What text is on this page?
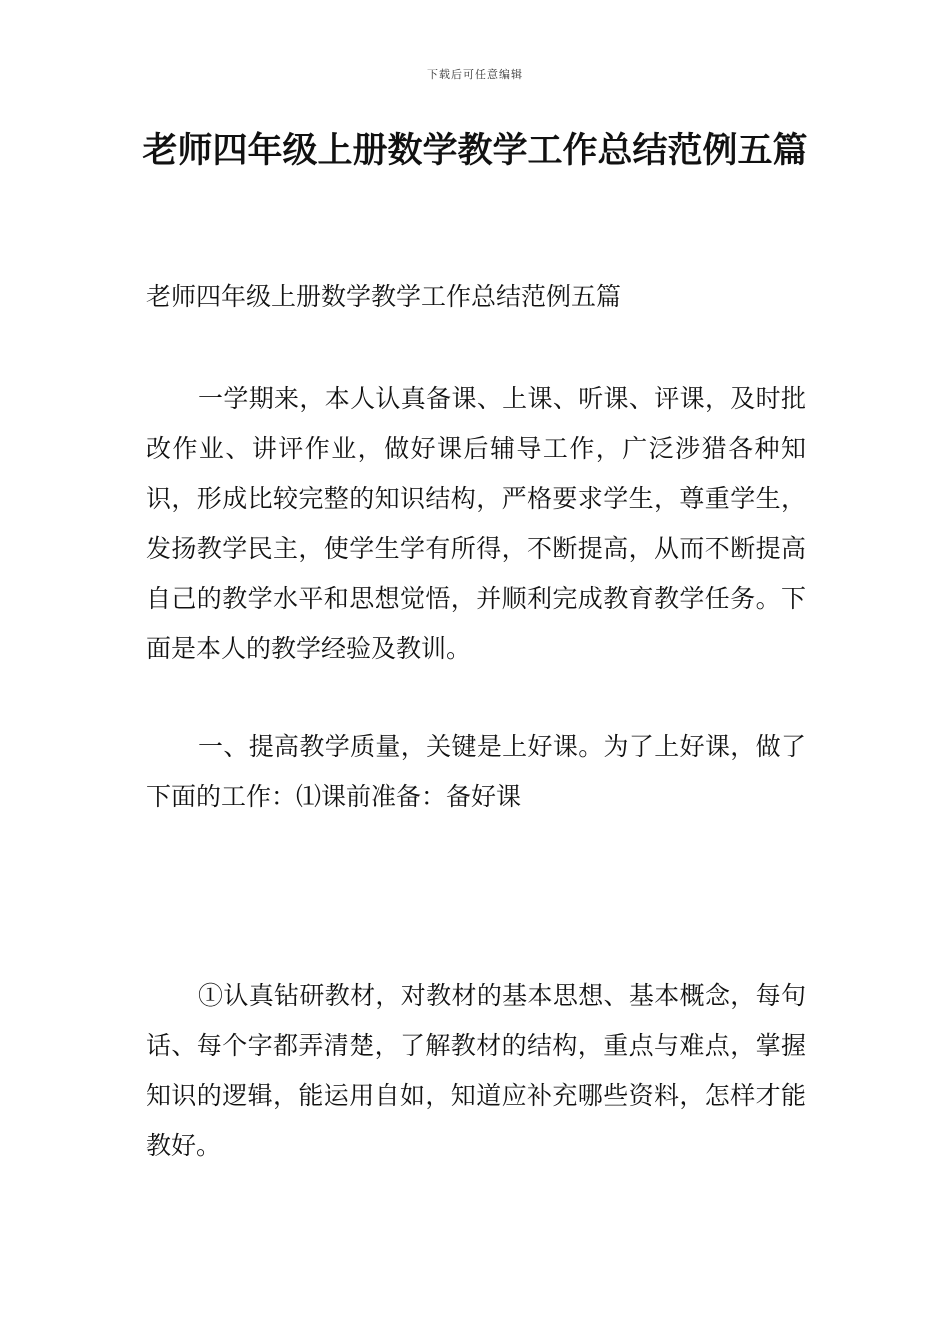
下载后可任意编辑
老师四年级上册数学教学工作总结范例五篇

老师四年级上册数学教学工作总结范例五篇

一学期来，本人认真备课、上课、听课、评课，及时批改作业、讲评作业，做好课后辅导工作，广泛涉猎各种知识，形成比较完整的知识结构，严格要求学生，尊重学生，发扬教学民主，使学生学有所得，不断提高，从而不断提高自己的教学水平和思想觉悟，并顺利完成教育教学任务。下面是本人的教学经验及教训。

一、提高教学质量，关键是上好课。为了上好课，做了下面的工作：⑴课前准备：备好课

①认真钻研教材，对教材的基本思想、基本概念，每句话、每个字都弄清楚，了解教材的结构，重点与难点，掌握知识的逻辑，能运用自如，知道应补充哪些资料，怎样才能教好。
